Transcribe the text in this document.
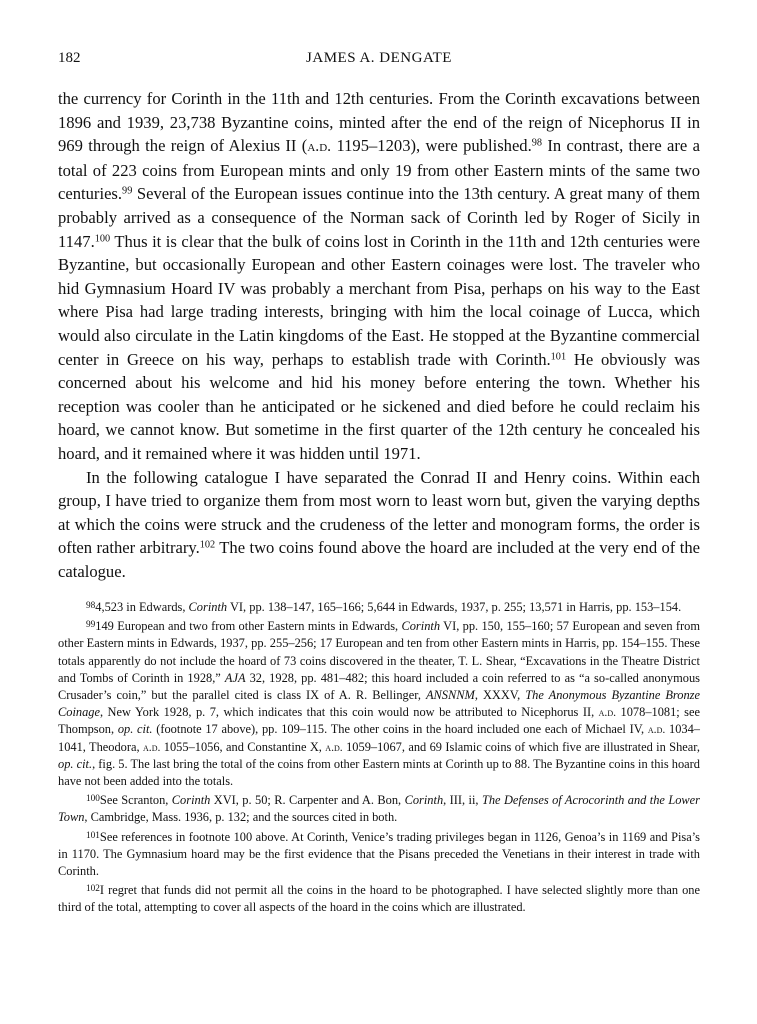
182	JAMES A. DENGATE

the currency for Corinth in the 11th and 12th centuries. From the Corinth excavations between 1896 and 1939, 23,738 Byzantine coins, minted after the end of the reign of Nicephorus II in 969 through the reign of Alexius II (a.d. 1195–1203), were published.$^{98}$ In contrast, there are a total of 223 coins from European mints and only 19 from other Eastern mints of the same two centuries.$^{99}$ Several of the European issues continue into the 13th century. A great many of them probably arrived as a consequence of the Norman sack of Corinth led by Roger of Sicily in 1147.$^{100}$ Thus it is clear that the bulk of coins lost in Corinth in the 11th and 12th centuries were Byzantine, but occasionally European and other Eastern coinages were lost. The traveler who hid Gymnasium Hoard IV was probably a merchant from Pisa, perhaps on his way to the East where Pisa had large trading interests, bringing with him the local coinage of Lucca, which would also circulate in the Latin kingdoms of the East. He stopped at the Byzantine commercial center in Greece on his way, perhaps to establish trade with Corinth.$^{101}$ He obviously was concerned about his welcome and hid his money before entering the town. Whether his reception was cooler than he anticipated or he sickened and died before he could reclaim his hoard, we cannot know. But sometime in the first quarter of the 12th century he concealed his hoard, and it remained where it was hidden until 1971.

In the following catalogue I have separated the Conrad II and Henry coins. Within each group, I have tried to organize them from most worn to least worn but, given the varying depths at which the coins were struck and the crudeness of the letter and monogram forms, the order is often rather arbitrary.$^{102}$ The two coins found above the hoard are included at the very end of the catalogue.

$^{98}$4,523 in Edwards, Corinth VI, pp. 138–147, 165–166; 5,644 in Edwards, 1937, p. 255; 13,571 in Harris, pp. 153–154.

$^{99}$149 European and two from other Eastern mints in Edwards, Corinth VI, pp. 150, 155–160; 57 European and seven from other Eastern mints in Edwards, 1937, pp. 255–256; 17 European and ten from other Eastern mints in Harris, pp. 154–155. These totals apparently do not include the hoard of 73 coins discovered in the theater, T. L. Shear, “Excavations in the Theatre District and Tombs of Corinth in 1928,” AJA 32, 1928, pp. 481–482; this hoard included a coin referred to as “a so-called anonymous Crusader’s coin,” but the parallel cited is class IX of A. R. Bellinger, ANSNNM, XXXV, The Anonymous Byzantine Bronze Coinage, New York 1928, p. 7, which indicates that this coin would now be attributed to Nicephorus II, a.d. 1078–1081; see Thompson, op. cit. (footnote 17 above), pp. 109–115. The other coins in the hoard included one each of Michael IV, a.d. 1034–1041, Theodora, a.d. 1055–1056, and Constantine X, a.d. 1059–1067, and 69 Islamic coins of which five are illustrated in Shear, op. cit., fig. 5. The last bring the total of the coins from other Eastern mints at Corinth up to 88. The Byzantine coins in this hoard have not been added into the totals.

$^{100}$See Scranton, Corinth XVI, p. 50; R. Carpenter and A. Bon, Corinth, III, ii, The Defenses of Acrocorinth and the Lower Town, Cambridge, Mass. 1936, p. 132; and the sources cited in both.

$^{101}$See references in footnote 100 above. At Corinth, Venice’s trading privileges began in 1126, Genoa’s in 1169 and Pisa’s in 1170. The Gymnasium hoard may be the first evidence that the Pisans preceded the Venetians in their interest in trade with Corinth.

$^{102}$I regret that funds did not permit all the coins in the hoard to be photographed. I have selected slightly more than one third of the total, attempting to cover all aspects of the hoard in the coins which are illustrated.
